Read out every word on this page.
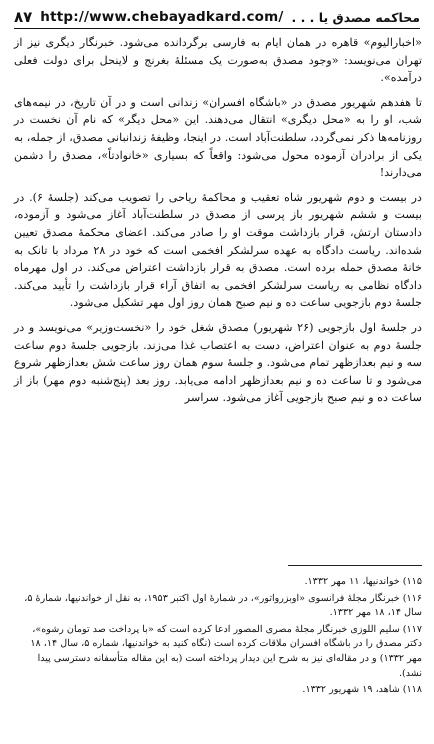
۸۷ http://www.chebayadkard.com/ محاکمه مصدق یا . . .

«اخبارالیوم» قاهره در همان ایام به فارسی برگردانده می‌شود. خبرنگار دیگری نیز از تهران می‌نویسد: «وجود مصدق به‌صورت یک مسئلهٔ بغرنج و لاینحل برای دولت فعلی درآمده».

تا هفدهم شهریور مصدق در «باشگاه افسران» زندانی است و در آن تاریخ، در نیمه‌های شب، او را به «محل دیگری» انتقال می‌دهند. این «محل دیگر» که نام آن نخست در روزنامه‌ها ذکر نمی‌گردد، سلطنت‌آباد است. در اینجا، وظیفهٔ زندانبانی مصدق، از جمله، به یکی از برادران آزموده محول می‌شود: واقعاً که بسیاری «خانوادتاً»، مصدق را دشمن می‌دارند!

در بیست و دوم شهریور شاه تعقیب و محاکمهٔ ریاحی را تصویب می‌کند (جلسهٔ ۶). در بیست و ششم شهریور باز پرسی از مصدق در سلطنت‌آباد آغاز می‌شود و آزموده، دادستان ارتش، قرار بازداشت موقت او را صادر می‌کند. اعضای محکمهٔ مصدق تعیین شده‌اند. ریاست دادگاه به عهده سرلشکر افخمی است که خود در ۲۸ مرداد با تانک به خانهٔ مصدق حمله برده است. مصدق به قرار بازداشت اعتراض می‌کند. در اول مهرماه دادگاه نظامی به ریاست سرلشکر افخمی به اتفاق آراء قرار بازداشت را تأیید می‌کند. جلسهٔ دوم بازجویی ساعت ده و نیم صبح همان روز اول مهر تشکیل می‌شود.

در جلسهٔ اول بازجویی (۲۶ شهریور) مصدق شغل خود را «نخست‌وزیر» می‌نویسد و در جلسهٔ دوم به عنوان اعتراض، دست به اعتصاب غذا می‌زند. بازجویی جلسهٔ دوم ساعت سه و نیم بعدازظهر تمام می‌شود. و جلسهٔ سوم همان روز ساعت شش بعدازظهر شروع می‌شود و تا ساعت ده و نیم بعدازظهر ادامه می‌یابد. روز بعد (پنج‌شنبه دوم مهر) باز از ساعت ده و نیم صبح بازجویی آغاز می‌شود. سراسر

۱۱۵) خواندنیها، ۱۱ مهر ۱۳۳۲.

۱۱۶) خبرنگار مجلهٔ فرانسوی «اوبزرواتور»، در شمارهٔ اول اکتبر ۱۹۵۳، به نقل از خواندنیها، شمارهٔ ۵، سال ۱۴، ۱۸ مهر ۱۳۳۲.

۱۱۷) سلیم اللوزی خبرنگار مجلهٔ مصری المصور ادعا کرده است که «با پرداخت صد تومان رشوه»، دکتر مصدق را در باشگاه افسران ملاقات کرده است (نگاه کنید به خواندنیها، شماره ۵، سال ۱۴، ۱۸ مهر ۱۳۳۲) و در مقاله‌ای نیز به شرح این دیدار پرداخته است (به این مقاله متأسفانه دسترسی پیدا نشد).

۱۱۸) شاهد، ۱۹ شهریور ۱۳۳۲.
